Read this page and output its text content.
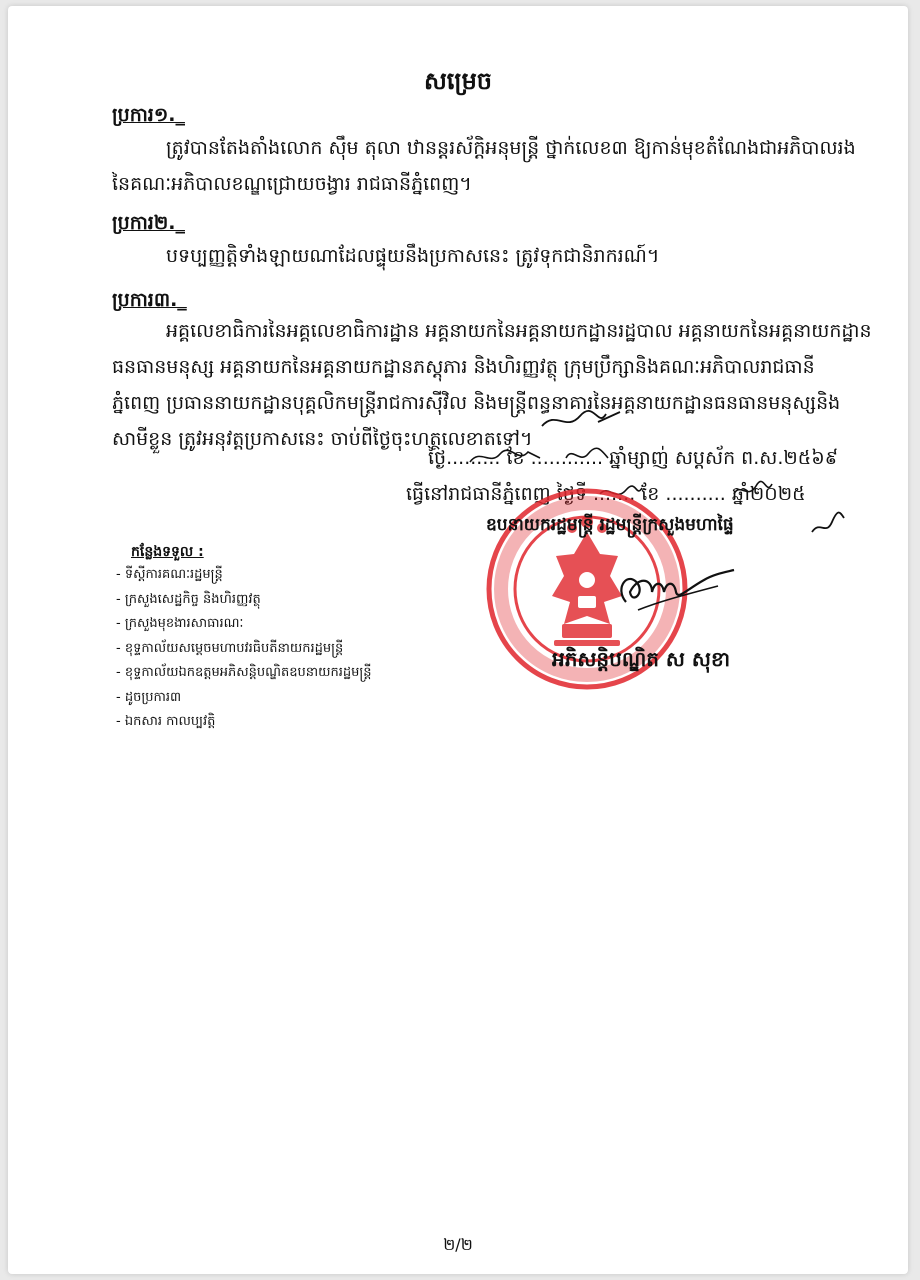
សម្រេច
ប្រការ១._
ត្រូវបានតែងតាំងលោក ស៊ឹម តុលា ឋានន្តរស័ក្តិអនុមន្ត្រី ថ្នាក់លេខ៣ ឱ្យកាន់មុខតំណែងជាអភិបាលរង
នៃគណៈអភិបាលខណ្ឌជ្រោយចង្វារ រាជធានីភ្នំពេញ។
ប្រការ២._
បទប្បញ្ញត្តិទាំងឡាយណាដែលផ្ទុយនឹងប្រកាសនេះ ត្រូវទុកជានិរាករណ៍។
ប្រការ៣._
អគ្គលេខាធិការនៃអគ្គលេខាធិការដ្ឋាន អគ្គនាយកនៃអគ្គនាយកដ្ឋានរដ្ឋបាល អគ្គនាយកនៃអគ្គនាយកដ្ឋាន
ធនធានមនុស្ស អគ្គនាយកនៃអគ្គនាយកដ្ឋានភស្តុភារ និងហិរញ្ញវត្ថុ ក្រុមប្រឹក្សានិងគណៈអភិបាលរាជធានី
ភ្នំពេញ ប្រធាននាយកដ្ឋានបុគ្គលិកមន្ត្រីរាជការស៊ីវិល និងមន្ត្រីពន្ធនាគារនៃអគ្គនាយកដ្ឋានធនធានមនុស្សនិង
សាមីខ្លួន ត្រូវអនុវត្តប្រកាសនេះ ចាប់ពីថ្ងៃចុះហត្ថលេខាតទៅ។
ថ្ងៃ......... ខែ ............ ឆ្នាំម្សាញ់ សប្តស័ក ព.ស.២៥៦៩
ធ្វើនៅរាជធានីភ្នំពេញ ថ្ងៃទី ....... ខែ .......... ឆ្នាំ២០២៥
ឧបនាយករដ្ឋមន្ត្រី រដ្ឋមន្ត្រីក្រសួងមហាផ្ទៃ
អភិសន្តិបណ្ឌិត ស សុខា
កន្លែងទទួល :
- ទីស្តីការគណៈរដ្ឋមន្ត្រី
- ក្រសួងសេដ្ឋកិច្ច និងហិរញ្ញវត្ថុ
- ក្រសួងមុខងារសាធារណៈ
- ខុទ្ទកាល័យសម្តេចមហាបវរធិបតីនាយករដ្ឋមន្ត្រី
- ខុទ្ទកាល័យឯកឧត្តមអភិសន្តិបណ្ឌិតឧបនាយករដ្ឋមន្ត្រី
- ដូចប្រការ៣
- ឯកសារ កាលប្បវត្តិ
២/២
